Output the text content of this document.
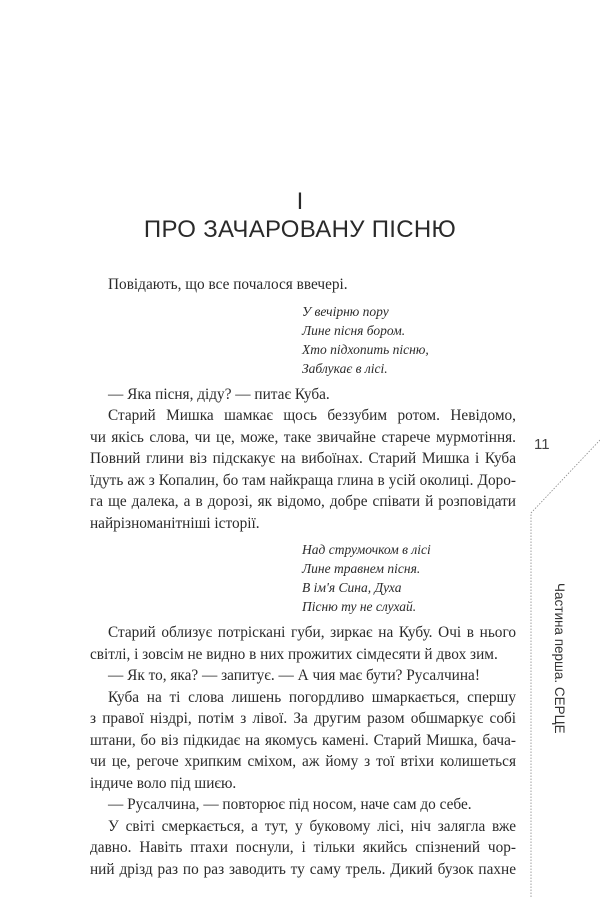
I
ПРО ЗАЧАРОВАНУ ПІСНЮ
11
Частина перша. СЕРЦЕ
Повідають, що все почалося ввечері.
У вечірню пору
Лине пісня бором.
Хто підхопить пісню,
Заблукає в лісі.
— Яка пісня, діду? — питає Куба.
Старий Мишка шамкає щось беззубим ротом. Невідомо,
чи якісь слова, чи це, може, таке звичайне старече мурмотіння.
Повний глини віз підскакує на вибоїнах. Старий Мишка і Куба
їдуть аж з Копалин, бо там найкраща глина в усій околиці. Доро-
га ще далека, а в дорозі, як відомо, добре співати й розповідати
найрізноманітніші історії.
Над струмочком в лісі
Лине травнем пісня.
В ім'я Сина, Духа
Пісню ту не слухай.
Старий облизує потріскані губи, зиркає на Кубу. Очі в нього
світлі, і зовсім не видно в них прожитих сімдесяти й двох зим.
— Як то, яка? — запитує. — А чия має бути? Русалчина!
Куба на ті слова лишень погордливо шмаркається, спершу
з правої ніздрі, потім з лівої. За другим разом обшмаркує собі
штани, бо віз підкидає на якомусь камені. Старий Мишка, бача-
чи це, регоче хрипким сміхом, аж йому з тої втіхи колишеться
індиче воло під шиєю.
— Русалчина, — повторює під носом, наче сам до себе.
У світі смеркається, а тут, у буковому лісі, ніч залягла вже
давно. Навіть птахи поснули, і тільки якийсь спізнений чор-
ний дрізд раз по раз заводить ту саму трель. Дикий бузок пахне
